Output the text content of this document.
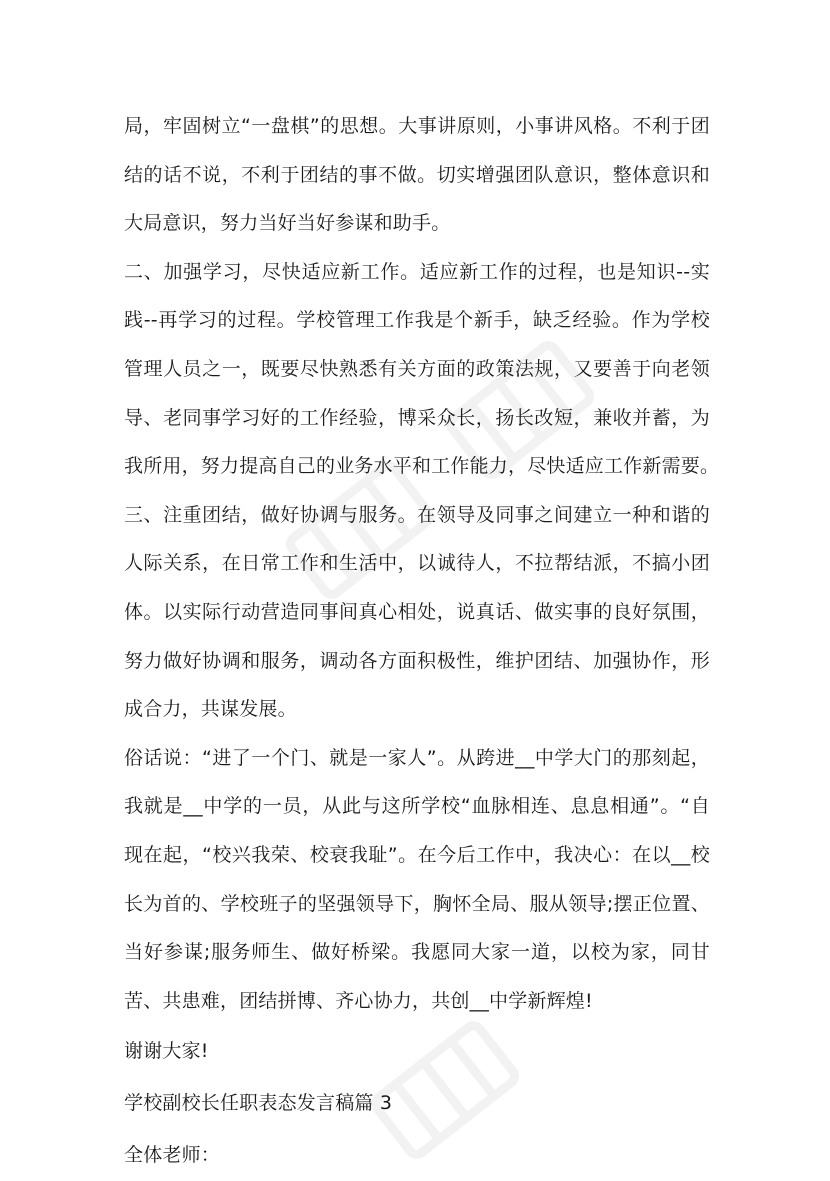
局，牢固树立“一盘棋”的思想。大事讲原则，小事讲风格。不利于团
结的话不说，不利于团结的事不做。切实增强团队意识，整体意识和
大局意识，努力当好当好参谋和助手。
二、加强学习，尽快适应新工作。适应新工作的过程，也是知识--实
践--再学习的过程。学校管理工作我是个新手，缺乏经验。作为学校
管理人员之一，既要尽快熟悉有关方面的政策法规，又要善于向老领
导、老同事学习好的工作经验，博采众长，扬长改短，兼收并蓄，为
我所用，努力提高自己的业务水平和工作能力，尽快适应工作新需要。
三、注重团结，做好协调与服务。在领导及同事之间建立一种和谐的
人际关系，在日常工作和生活中，以诚待人，不拉帮结派，不搞小团
体。以实际行动营造同事间真心相处，说真话、做实事的良好氛围，
努力做好协调和服务，调动各方面积极性，维护团结、加强协作，形
成合力，共谋发展。
俗话说：“进了一个门、就是一家人”。从跨进__中学大门的那刻起，
我就是__中学的一员，从此与这所学校“血脉相连、息息相通”。“自
现在起，“校兴我荣、校衰我耻”。在今后工作中，我决心：在以__校
长为首的、学校班子的坚强领导下，胸怀全局、服从领导;摆正位置、
当好参谋;服务师生、做好桥梁。我愿同大家一道，以校为家，同甘
苦、共患难，团结拼博、齐心协力，共创__中学新辉煌!
谢谢大家!
学校副校长任职表态发言稿篇 3
全体老师：
